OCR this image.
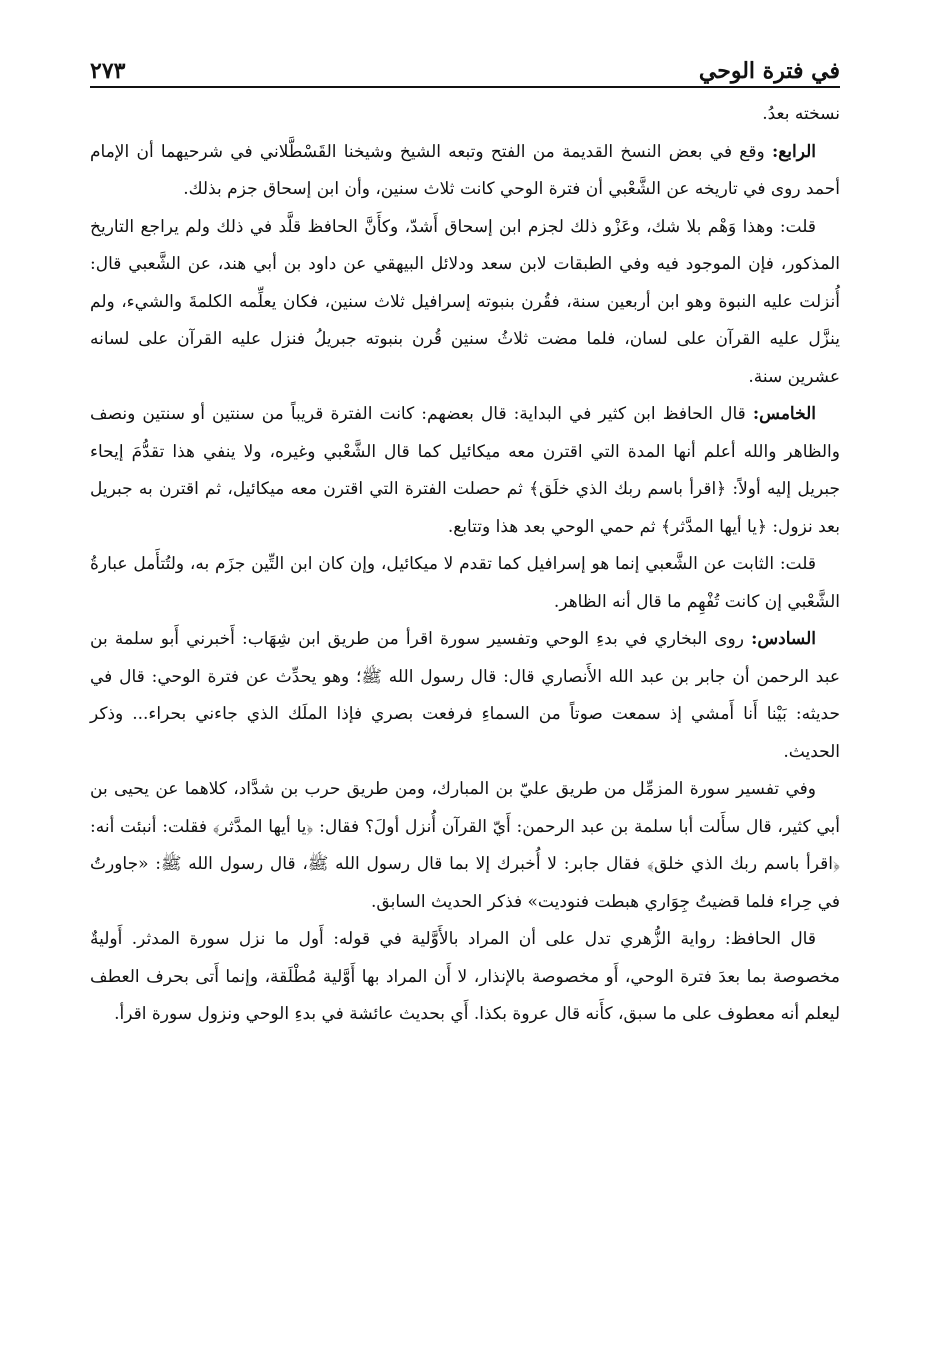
في فترة الوحي
٢٧٣

نسخته بعدُ.

الرابع: وقع في بعض النسخ القديمة من الفتح وتبعه الشيخ وشيخنا القَسْطَّلاني في شرحيهما أن الإمام أحمد روى في تاريخه عن الشَّعْبي أن فترة الوحي كانت ثلاث سنين، وأن ابن إسحاق جزم بذلك.

قلت: وهذا وَهْم بلا شك، وعَزْو ذلك لجزم ابن إسحاق أَشدّ، وكأَنَّ الحافظ قلَّد في ذلك ولم يراجع التاريخ المذكور، فإن الموجود فيه وفي الطبقات لابن سعد ودلائل البيهقي عن داود بن أبي هند، عن الشَّعبي قال: أُنزلت عليه النبوة وهو ابن أربعين سنة، فقُرن بنبوته إسرافيل ثلاث سنين، فكان يعلِّمه الكلمةَ والشيء، ولم ينزَّل عليه القرآن على لسان، فلما مضت ثلاثُ سنين قُرن بنبوته جبريلُ فنزل عليه القرآن على لسانه عشرين سنة.

الخامس: قال الحافظ ابن كثير في البداية: قال بعضهم: كانت الفترة قريباً من سنتين أو سنتين ونصف والظاهر والله أعلم أنها المدة التي اقترن معه ميكائيل كما قال الشَّعْبي وغيره، ولا ينفي هذا تقدُّمَ إيحاء جبريل إليه أولاً: ﴿اقرأ باسم ربك الذي خلَق﴾ ثم حصلت الفترة التي اقترن معه ميكائيل، ثم اقترن به جبريل بعد نزول: ﴿يا أيها المدَّثر﴾ ثم حمي الوحي بعد هذا وتتابع.

قلت: الثابت عن الشَّعبي إنما هو إسرافيل كما تقدم لا ميكائيل، وإن كان ابن التِّين جزَم به، ولتُتأَمل عبارةُ الشَّعْبي إن كانت تُفْهِم ما قال أنه الظاهر.

السادس: روى البخاري في بدءِ الوحي وتفسير سورة اقرأ من طريق ابن شِهَاب: أَخبرني أَبو سلمة بن عبد الرحمن أن جابر بن عبد الله الأَنصاري قال: قال رسول الله ﷺ؛ وهو يحدِّث عن فترة الوحي: قال في حديثه: بَيْنا أَنا أَمشي إذ سمعت صوتاً من السماءِ فرفعت بصري فإذا الملَك الذي جاءني بحراء... وذكر الحديث.

وفي تفسير سورة المزمِّل من طريق عليّ بن المبارك، ومن طريق حرب بن شدَّاد، كلاهما عن يحيى بن أبي كثير، قال سأَلت أبا سلمة بن عبد الرحمن: أَيّ القرآن أُنزل أولَ؟ فقال: ﴿يا أيها المدَّثر﴾ فقلت: أنبئت أنه: ﴿اقرأ باسم ربك الذي خلق﴾ فقال جابر: لا أُخبرك إلا بما قال رسول الله ﷺ، قال رسول الله ﷺ: «جاورتُ في حِراء فلما قضيتُ جِوَاري هبطت فنوديت» فذكر الحديث السابق.

قال الحافظ: رواية الزُّهري تدل على أن المراد بالأَوَّلية في قوله: أَول ما نزل سورة المدثر. أَوليةٌ مخصوصة بما بعدَ فترة الوحي، أَو مخصوصة بالإنذار، لا أَن المراد بها أَوَّلية مُطْلَقة، وإنما أَتى بحرف العطف ليعلم أنه معطوف على ما سبق، كأَنه قال عروة بكذا. أَي بحديث عائشة في بدءِ الوحي ونزول سورة اقرأ.
